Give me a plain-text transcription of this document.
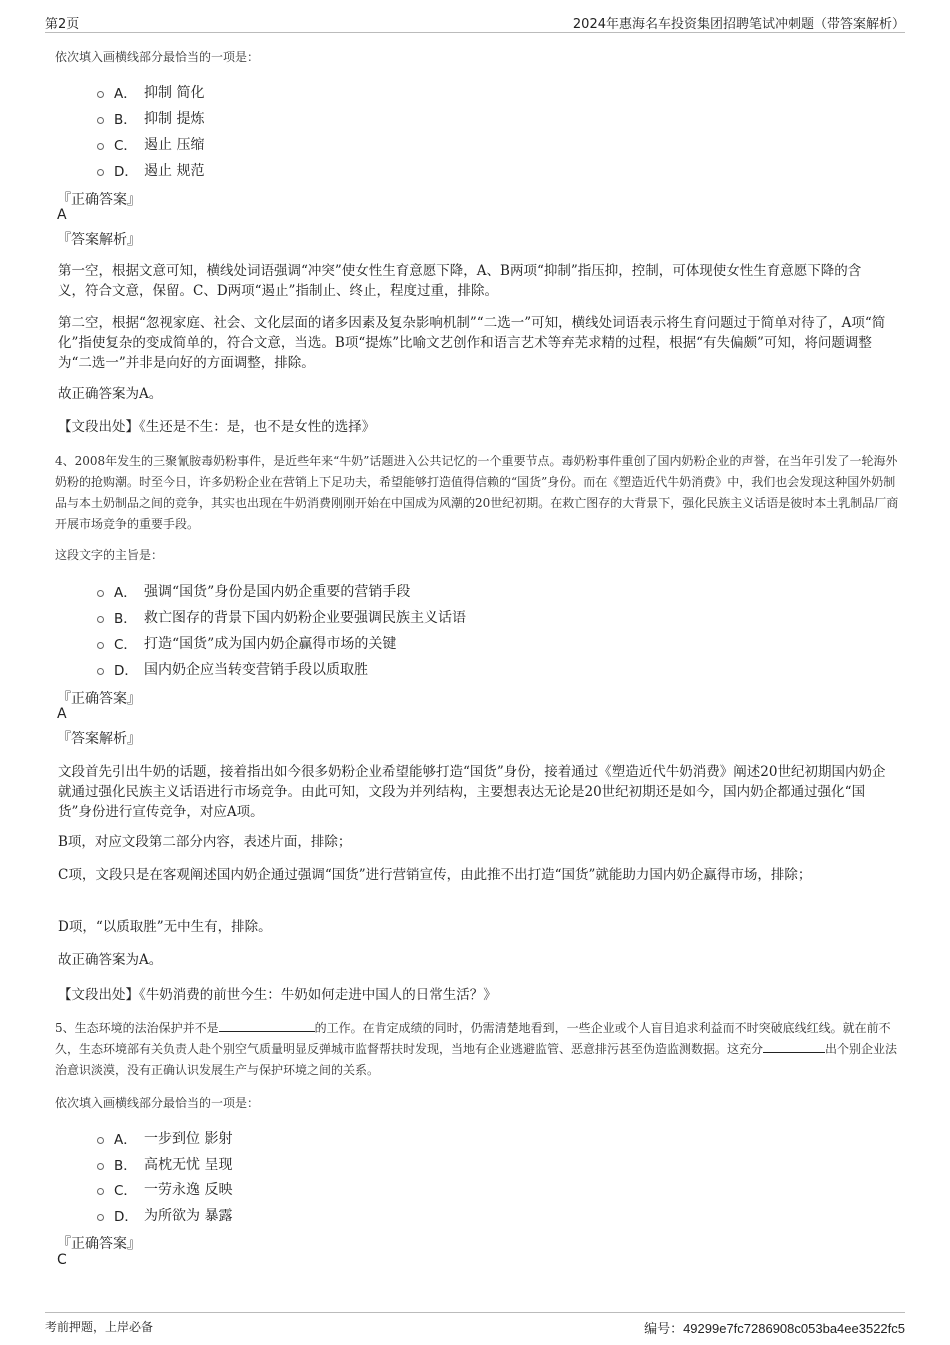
第2页	2024年惠海名车投资集团招聘笔试冲刺题（带答案解析）
依次填入画横线部分最恰当的一项是：
A． 抑制 简化
B． 抑制 提炼
C． 遏止 压缩
D． 遏止 规范
『正确答案』
A
『答案解析』
第一空，根据文意可知，横线处词语强调“冲突”使女性生育意愿下降，A、B两项“抑制”指压抑，控制，可体现使女性生育意愿下降的含义，符合文意，保留。C、D两项“遏止”指制止、终止，程度过重，排除。
第二空，根据“忽视家庭、社会、文化层面的诸多因素及复杂影响机制”“二选一”可知，横线处词语表示将生育问题过于简单对待了，A项“简化”指使复杂的变成简单的，符合文意，当选。B项“提炼”比喻文艺创作和语言艺术等弃芜求精的过程，根据“有失偏颇”可知，将问题调整为“二选一”并非是向好的方面调整，排除。
故正确答案为A。
【文段出处】《生还是不生：是，也不是女性的选择》
4、2008年发生的三聚氰胺毒奶粉事件，是近些年来“牛奶”话题进入公共记忆的一个重要节点。毒奶粉事件重创了国内奶粉企业的声誉，在当年引发了一轮海外奶粉的抢购潮。时至今日，许多奶粉企业在营销上下足功夫，希望能够打造值得信赖的“国货”身份。而在《塑造近代牛奶消费》中，我们也会发现这种国外奶制品与本土奶制品之间的竞争，其实也出现在牛奶消费刚刚开始在中国成为风潮的20世纪初期。在救亡图存的大背景下，强化民族主义话语是彼时本土乳制品厂商开展市场竞争的重要手段。
这段文字的主旨是：
A． 强调“国货”身份是国内奶企重要的营销手段
B． 救亡图存的背景下国内奶粉企业要强调民族主义话语
C． 打造“国货”成为国内奶企赢得市场的关键
D． 国内奶企应当转变营销手段以质取胜
『正确答案』
A
『答案解析』
文段首先引出牛奶的话题，接着指出如今很多奶粉企业希望能够打造“国货”身份，接着通过《塑造近代牛奶消费》阐述20世纪初期国内奶企就通过强化民族主义话语进行市场竞争。由此可知，文段为并列结构，主要想表达无论是20世纪初期还是如今，国内奶企都通过强化“国货”身份进行宣传竞争，对应A项。
B项，对应文段第二部分内容，表述片面，排除；
C项，文段只是在客观阐述国内奶企通过强调“国货”进行营销宣传，由此推不出打造“国货”就能助力国内奶企赢得市场，排除；
D项，“以质取胜”无中生有，排除。
故正确答案为A。
【文段出处】《牛奶消费的前世今生：牛奶如何走进中国人的日常生活？》
5、生态环境的法治保护并不是	的工作。在肯定成绩的同时，仍需清楚地看到，一些企业或个人盲目追求利益而不时突破底线红线。就在前不久，生态环境部有关负责人赴个别空气质量明显反弹城市监督帮扶时发现，当地有企业逃避监管、恶意排污甚至伪造监测数据。这充分	出个别企业法治意识淡漠，没有正确认识发展生产与保护环境之间的关系。
依次填入画横线部分最恰当的一项是：
A． 一步到位 影射
B． 高枕无忧 呈现
C． 一劳永逸 反映
D． 为所欲为 暴露
『正确答案』
C
考前押题，上岸必备	编号：49299e7fc7286908c053ba4ee3522fc5
